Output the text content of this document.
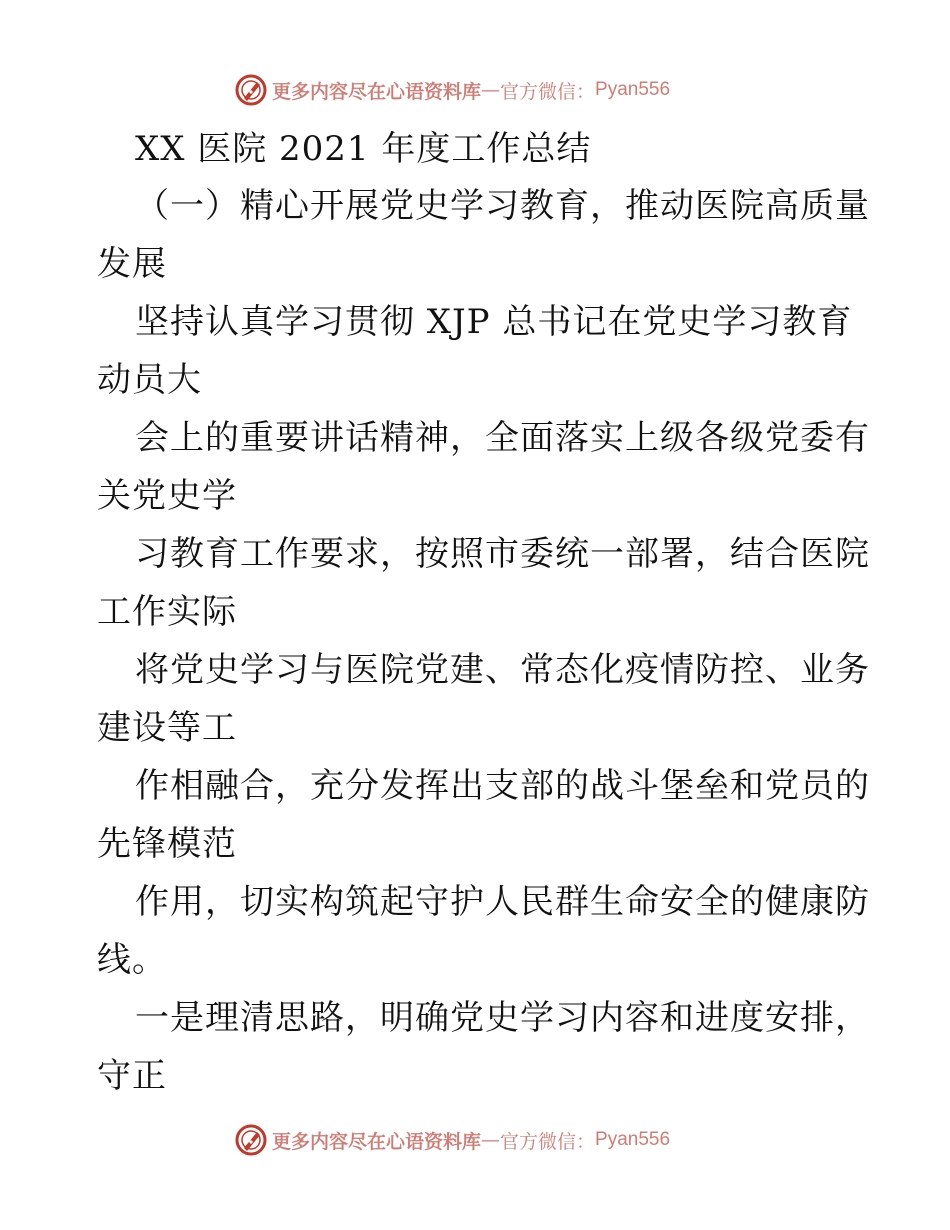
更多内容尽在心语资料库 — 官方微信： Pyan556
XX 医院 2021 年度工作总结
（一）精心开展党史学习教育，推动医院高质量
发展
坚持认真学习贯彻 XJP 总书记在党史学习教育
动员大
会上的重要讲话精神，全面落实上级各级党委有
关党史学
习教育工作要求，按照市委统一部署，结合医院
工作实际
将党史学习与医院党建、常态化疫情防控、业务
建设等工
作相融合，充分发挥出支部的战斗堡垒和党员的
先锋模范
作用，切实构筑起守护人民群生命安全的健康防
线。
一是理清思路，明确党史学习内容和进度安排，
守正
更多内容尽在心语资料库 — 官方微信： Pyan556
